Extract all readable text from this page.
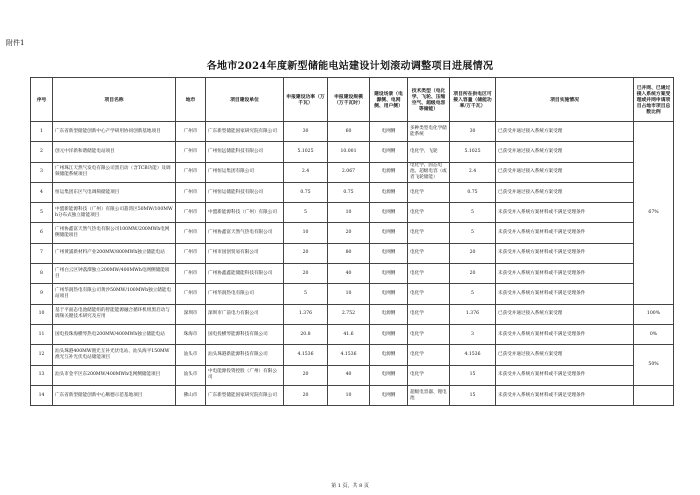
附件1
各地市2024年度新型储能电站建设计划滚动调整项目进展情况
序号	项目名称	地市	项目建设单位	申报建设功率（万千瓦）	申报建设规模（万千瓦时）	建设场景（电源侧、电网侧、用户侧）	技术类型（电化学、飞轮、压缩空气、超级电容等储能）	项目所在供电区可接入容量（储能功率/万千瓦）	项目实施情况	已并网、已通过接入系统方案受理或并网申请项目占地市项目总数比例
1	广东省新型储能创新中心产学研用协同创新基地项目	广州市	广东新型储能国家研究院有限公司	30	60	电网侧	多种类型电化学储能系统	30	已获受并通过接入系统方案受理	67%
2	创元中洋新和谐储能电站项目	广州市	广州恒远储能科技有限公司	5.1025	10.001	电网侧	电化学、飞轮	5.1025	已获受并通过接入系统方案受理	
3	广州珠江天然气发电有限公司黑启动（含TCB功能）及调频储能系统项目	广州市	广州恒运集团有限公司	2.4	2.067	电源侧	电化学、固态电池、超级电容（或者飞轮储能）	2.4	已获受并通过接入系统方案受理	
4	恒运集团东区气电调频储能项目	广州市	广州恒运储能科技有限公司	0.75	0.75	电源侧	电化学	0.75	已获受并通过接入系统方案受理	
5	中盟新能源科技（广州）有限公司荔湾区50MW/100MWh分布式独立储能项目	广州市	中盟新能源科技（广州）有限公司	5	10	电网侧	电化学	5	未获受并入系统方案材料或不满足受理条件	
6	广州协鑫富天然气热电有限公司100MW/200MWh电网侧储能项目	广州市	广州协鑫富天然气热电有限公司	10	20	电网侧	电化学	5	未获受并入系统方案材料或不满足受理条件	
7	广州黄浦新材料产业200MW/800MWh独立储能电站	广州市	广州市国创贸易有限公司	20	80	电网侧	电化学	20	未获受并入系统方案材料或不满足受理条件	
8	广州白云区钟落潭独立200MW/400MWh电网侧储能项目	广州市	广州协鑫鑫能储能科技有限公司	20	40	电网侧	电化学	20	未获受并入系统方案材料或不满足受理条件	
9	广州华润热电有限公司黄沙50MW/100MWh独立储能电站项目	广州市	广州华润热电有限公司	5	10	电网侧	电化学	5	未获受并入系统方案材料或不满足受理条件	
10	基于平面态电池储能组的智能能源融合循环机组黑启动与调频关键技术研究及应用	深圳市	深圳市广前电力有限公司	1.376	2.752	电源侧	电化学	1.376	已获受并通过接入系统方案受理	100%
11	国电投珠海横琴热电200MW/400MWh独立储能电站	珠海市	国电投横琴能源科技有限公司	20.8	41.6	电网侧	电化学	3	未获受并入系统方案材料或不满足受理条件	0%
12	汕头珠港400MW渔光互补光伏电站、汕头海平150MW渔光互补光伏电站储能项目	汕头市	汕头珠港新能源科技有限公司	4.1536	4.1536	电源侧	电化学	4.1536	已获受并通过接入系统方案受理	50%
13	汕头市金平区东200MW/400MWh电网侧储能项目	汕头市	中电能源投资控股（广州）有限公司	20	40	电网侧	电化学	15	未获受并入系统方案材料或不满足受理条件	
14	广东省新型储能创新中心顺德示范基地项目	佛山市	广东新型储能国家研究院有限公司	20	10	电网侧	超级电容器、锂电池	15	未获受并入系统方案材料或不满足受理条件	
第 1 页，共 8 页
